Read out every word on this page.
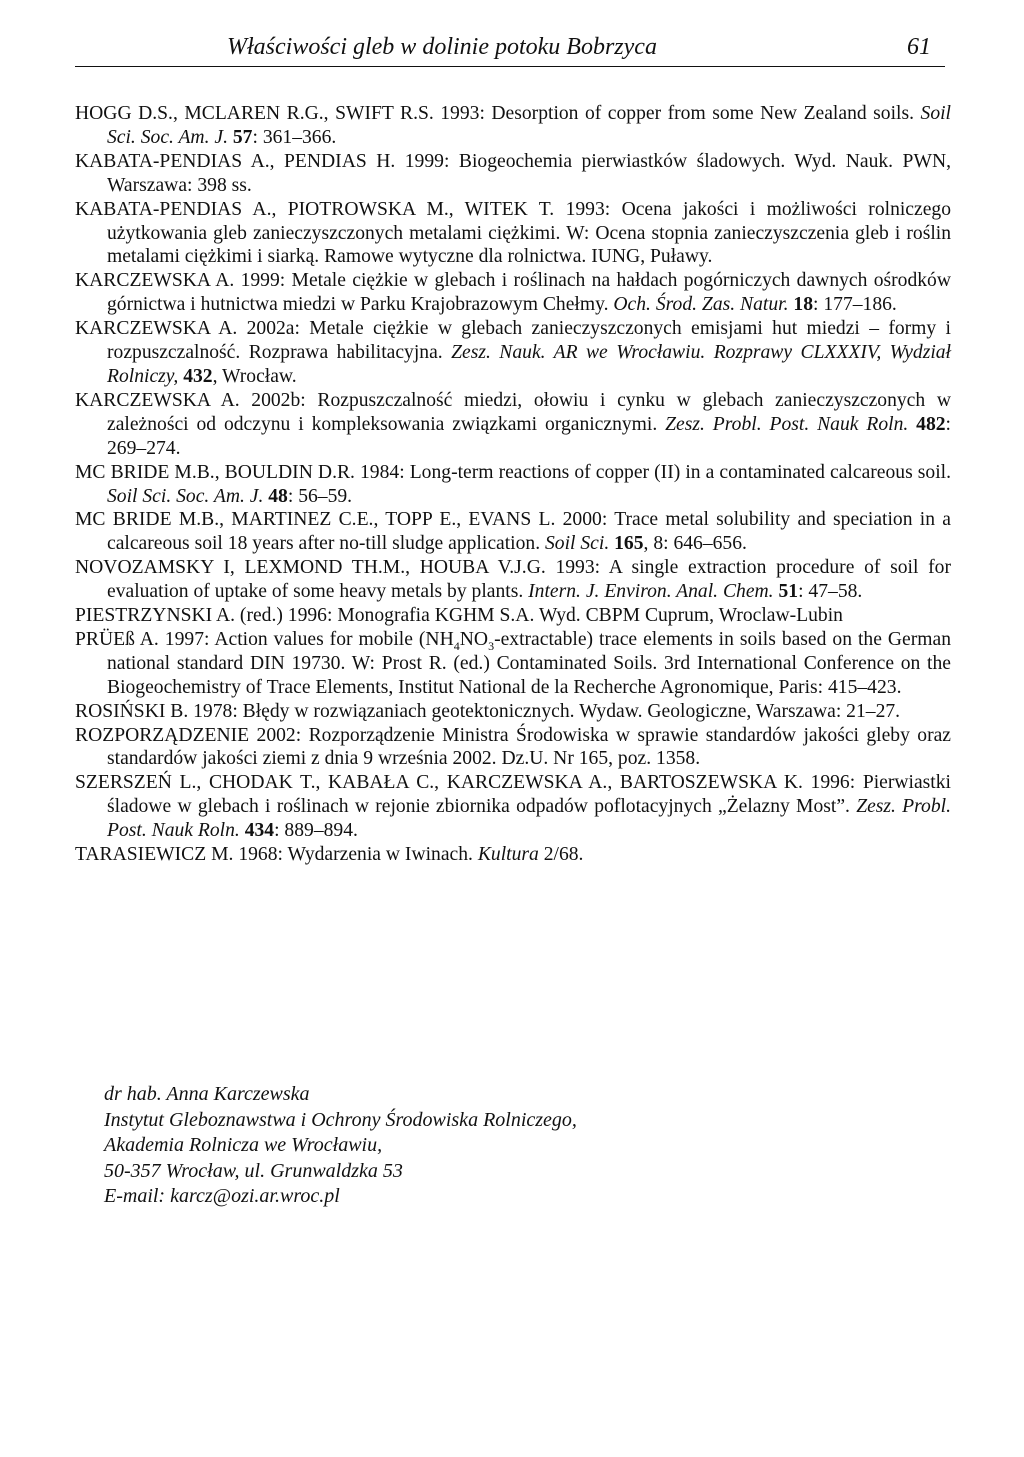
Właściwości gleb w dolinie potoku Bobrzyca	61

HOGG D.S., MCLAREN R.G., SWIFT R.S. 1993: Desorption of copper from some New Zealand soils. Soil Sci. Soc. Am. J. 57: 361–366.

KABATA-PENDIAS A., PENDIAS H. 1999: Biogeochemia pierwiastków śladowych. Wyd. Nauk. PWN, Warszawa: 398 ss.

KABATA-PENDIAS A., PIOTROWSKA M., WITEK T. 1993: Ocena jakości i możliwości rolniczego użytkowania gleb zanieczyszczonych metalami ciężkimi. W: Ocena stopnia zanieczyszczenia gleb i roślin metalami ciężkimi i siarką. Ramowe wytyczne dla rolnictwa. IUNG, Puławy.

KARCZEWSKA A. 1999: Metale ciężkie w glebach i roślinach na hałdach pogórniczych dawnych ośrodków górnictwa i hutnictwa miedzi w Parku Krajobrazowym Chełmy. Och. Środ. Zas. Natur. 18: 177–186.

KARCZEWSKA A. 2002a: Metale ciężkie w glebach zanieczyszczonych emisjami hut miedzi – formy i rozpuszczalność. Rozprawa habilitacyjna. Zesz. Nauk. AR we Wrocławiu. Rozprawy CLXXXIV, Wydział Rolniczy, 432, Wrocław.

KARCZEWSKA A. 2002b: Rozpuszczalność miedzi, ołowiu i cynku w glebach zanieczyszczonych w zależności od odczynu i kompleksowania związkami organicznymi. Zesz. Probl. Post. Nauk Roln. 482: 269–274.

MC BRIDE M.B., BOULDIN D.R. 1984: Long-term reactions of copper (II) in a contaminated calcareous soil. Soil Sci. Soc. Am. J. 48: 56–59.

MC BRIDE M.B., MARTINEZ C.E., TOPP E., EVANS L. 2000: Trace metal solubility and speciation in a calcareous soil 18 years after no-till sludge application. Soil Sci. 165, 8: 646–656.

NOVOZAMSKY I, LEXMOND TH.M., HOUBA V.J.G. 1993: A single extraction procedure of soil for evaluation of uptake of some heavy metals by plants. Intern. J. Environ. Anal. Chem. 51: 47–58.

PIESTRZYNSKI A. (red.) 1996: Monografia KGHM S.A. Wyd. CBPM Cuprum, Wroclaw-Lubin

PRÜEß A. 1997: Action values for mobile $(NH_4NO_3-extractable)$ trace elements in soils based on the German national standard DIN 19730. W: Prost R. (ed.) Contaminated Soils. 3rd International Conference on the Biogeochemistry of Trace Elements, Institut National de la Recherche Agronomique, Paris: 415–423.

ROSIŃSKI B. 1978: Błędy w rozwiązaniach geotektonicznych. Wydaw. Geologiczne, Warszawa: 21–27.

ROZPORZĄDZENIE 2002: Rozporządzenie Ministra Środowiska w sprawie standardów jakości gleby oraz standardów jakości ziemi z dnia 9 września 2002. Dz.U. Nr 165, poz. 1358.

SZERSZEŃ L., CHODAK T., KABAŁA C., KARCZEWSKA A., BARTOSZEWSKA K. 1996: Pierwiastki śladowe w glebach i roślinach w rejonie zbiornika odpadów poflotacyjnych „Żelazny Most”. Zesz. Probl. Post. Nauk Roln. 434: 889–894.

TARASIEWICZ M. 1968: Wydarzenia w Iwinach. Kultura 2/68.

dr hab. Anna Karczewska
Instytut Gleboznawstwa i Ochrony Środowiska Rolniczego,
Akademia Rolnicza we Wrocławiu,
50-357 Wrocław, ul. Grunwaldzka 53
E-mail: karcz@ozi.ar.wroc.pl
